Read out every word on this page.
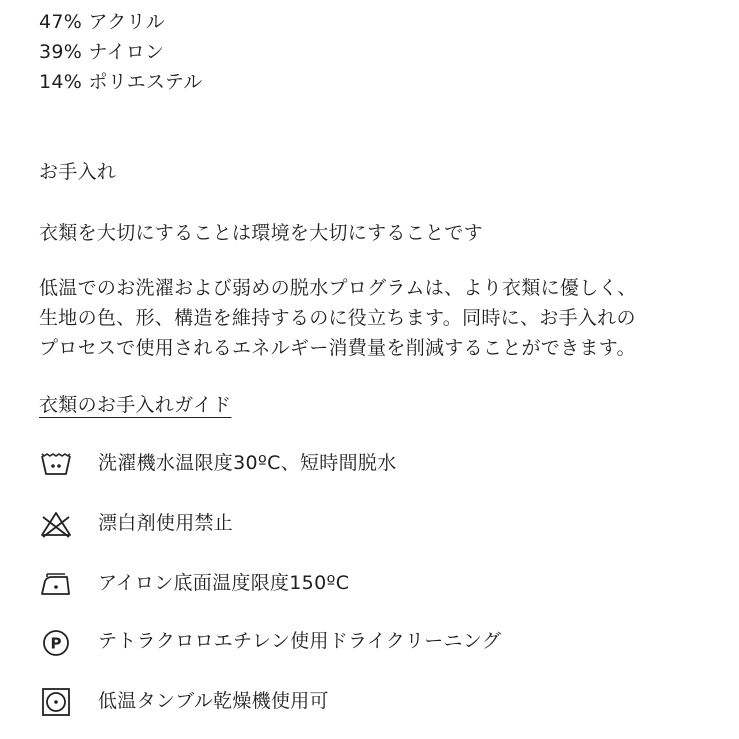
47% アクリル
39% ナイロン
14% ポリエステル
お手入れ
衣類を大切にすることは環境を大切にすることです
低温でのお洗濯および弱めの脱水プログラムは、より衣類に優しく、
生地の色、形、構造を維持するのに役立ちます。同時に、お手入れの
プロセスで使用されるエネルギー消費量を削減することができます。
衣類のお手入れガイド
洗濯機水温限度30ºC、短時間脱水
漂白剤使用禁止
アイロン底面温度限度150ºC
P テトラクロロエチレン使用ドライクリーニング
低温タンブル乾燥機使用可
